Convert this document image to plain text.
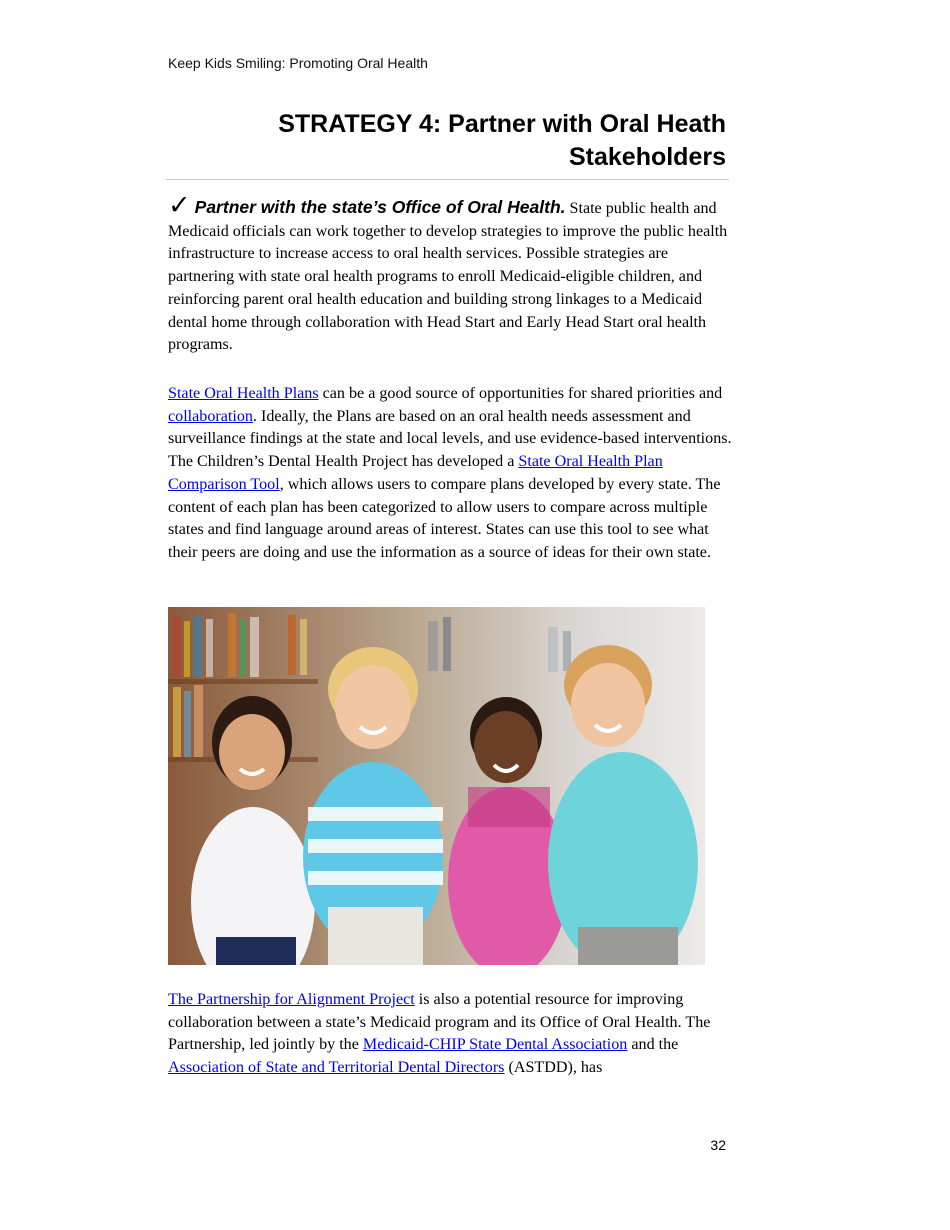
Keep Kids Smiling: Promoting Oral Health
STRATEGY 4: Partner with Oral Heath
Stakeholders

✓ Partner with the state’s Office of Oral Health. State public health and Medicaid officials can work together to develop strategies to improve the public health infrastructure to increase access to oral health services. Possible strategies are partnering with state oral health programs to enroll Medicaid-eligible children, and reinforcing parent oral health education and building strong linkages to a Medicaid dental home through collaboration with Head Start and Early Head Start oral health programs.

State Oral Health Plans can be a good source of opportunities for shared priorities and collaboration. Ideally, the Plans are based on an oral health needs assessment and surveillance findings at the state and local levels, and use evidence-based interventions. The Children’s Dental Health Project has developed a State Oral Health Plan Comparison Tool, which allows users to compare plans developed by every state. The content of each plan has been categorized to allow users to compare across multiple states and find language around areas of interest. States can use this tool to see what their peers are doing and use the information as a source of ideas for their own state.

The Partnership for Alignment Project is also a potential resource for improving collaboration between a state’s Medicaid program and its Office of Oral Health. The Partnership, led jointly by the Medicaid-CHIP State Dental Association and the Association of State and Territorial Dental Directors (ASTDD), has

32
